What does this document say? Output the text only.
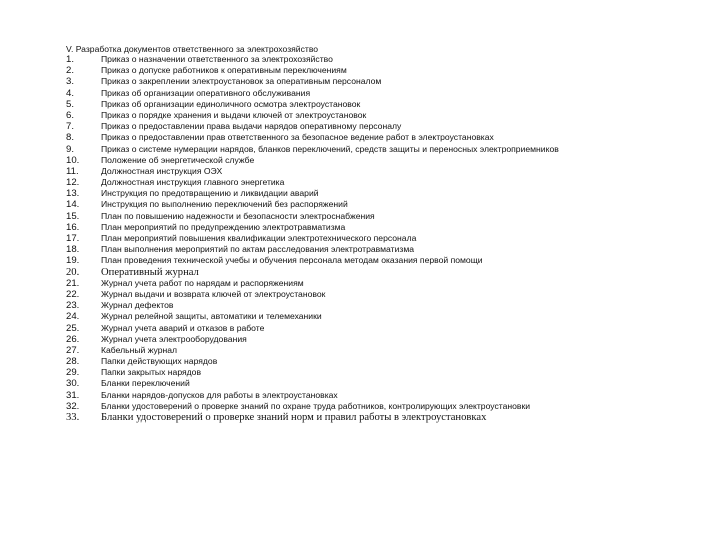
V. Разработка документов ответственного за электрохозяйство
1.	Приказ о назначении ответственного за электрохозяйство
2.	Приказ о допуске работников к оперативным переключениям
3.	Приказ о закреплении электроустановок за оперативным персоналом
4.	Приказ об организации оперативного обслуживания
5.	Приказ об организации единоличного осмотра электроустановок
6.	Приказ о порядке хранения и выдачи ключей от электроустановок
7.	Приказ о предоставлении права выдачи нарядов оперативному персоналу
8.	Приказ о предоставлении прав ответственного за безопасное ведение работ в электроустановках
9.	Приказ о системе нумерации нарядов, бланков переключений, средств защиты и переносных электроприемников
10.	Положение об энергетической службе
11.	Должностная инструкция ОЭХ
12.	Должностная инструкция главного энергетика
13.	Инструкция по предотвращению и ликвидации аварий
14.	Инструкция по выполнению переключений без распоряжений
15.	План по повышению надежности и безопасности электроснабжения
16.	План мероприятий по предупреждению электротравматизма
17.	План мероприятий повышения квалификации электротехнического персонала
18.	План выполнения мероприятий по актам расследования электротравматизма
19.	План проведения технической учебы и обучения персонала методам оказания первой помощи
20.	Оперативный журнал
21.	Журнал учета работ по нарядам и распоряжениям
22.	Журнал выдачи и возврата ключей от электроустановок
23.	Журнал дефектов
24.	Журнал релейной защиты, автоматики и телемеханики
25.	Журнал учета аварий и отказов в работе
26.	Журнал учета электрооборудования
27.	Кабельный журнал
28.	Папки действующих нарядов
29.	Папки закрытых нарядов
30.	Бланки переключений
31.	Бланки нарядов-допусков для работы в электроустановках
32.	Бланки удостоверений о проверке знаний по охране труда работников, контролирующих электроустановки
33.	Бланки удостоверений о проверке знаний норм и правил работы в электроустановках
